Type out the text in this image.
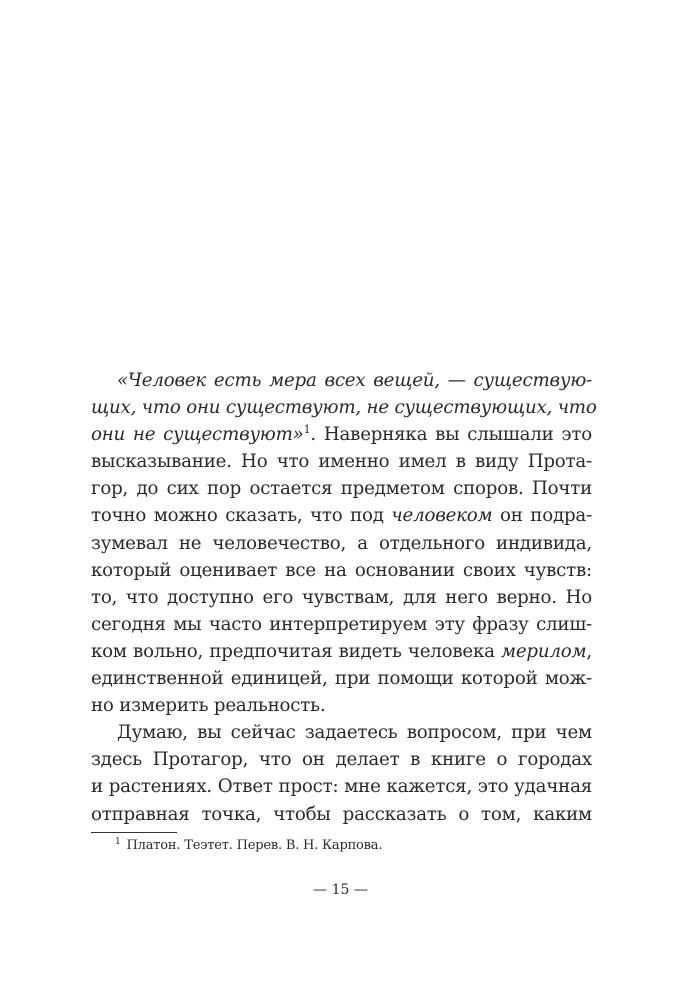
«Человек есть мера всех вещей, — существую-
щих, что они существуют, не существующих, что
они не существуют»$^1$. Наверняка вы слышали это
высказывание. Но что именно имел в виду Прота-
гор, до сих пор остается предметом споров. Почти
точно можно сказать, что под человеком он подра-
зумевал не человечество, а отдельного индивида,
который оценивает все на основании своих чувств:
то, что доступно его чувствам, для него верно. Но
сегодня мы часто интерпретируем эту фразу слиш-
ком вольно, предпочитая видеть человека мерилом,
единственной единицей, при помощи которой мож-
но измерить реальность.
Думаю, вы сейчас задаетесь вопросом, при чем
здесь Протагор, что он делает в книге о городах
и растениях. Ответ прост: мне кажется, это удачная
отправная точка, чтобы рассказать о том, каким
$^1$ Платон. Теэтет. Перев. В. Н. Карпова.
— 15 —
